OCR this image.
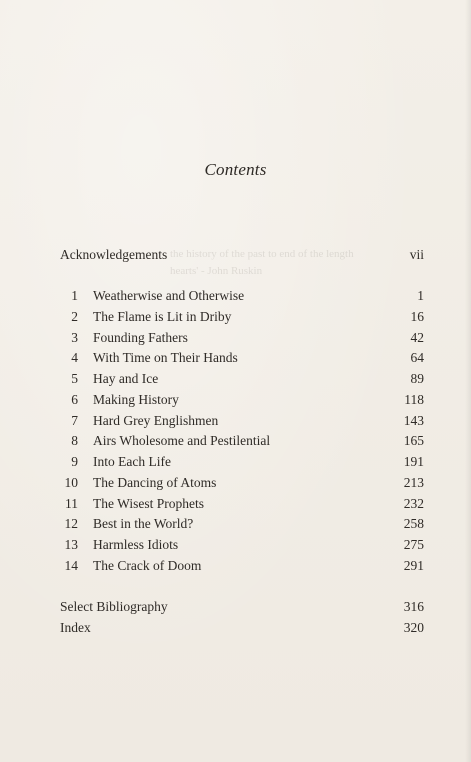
Contents
the history of the past to end of the length
hearts' - John Ruskin
Acknowledgements	vii
1 Weatherwise and Otherwise	1
2 The Flame is Lit in Driby	16
3 Founding Fathers	42
4 With Time on Their Hands	64
5 Hay and Ice	89
6 Making History	118
7 Hard Grey Englishmen	143
8 Airs Wholesome and Pestilential	165
9 Into Each Life	191
10 The Dancing of Atoms	213
11 The Wisest Prophets	232
12 Best in the World?	258
13 Harmless Idiots	275
14 The Crack of Doom	291
Select Bibliography	316
Index	320
